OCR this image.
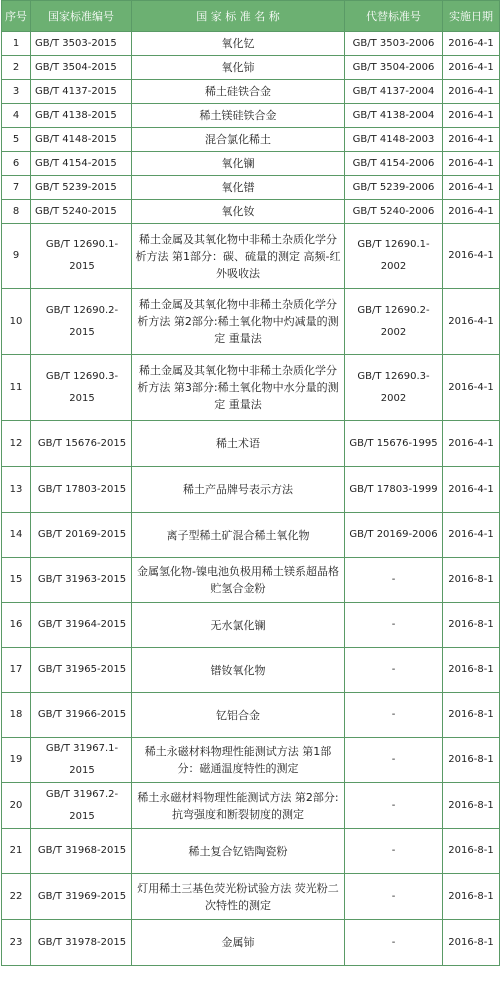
序号	国家标准编号	国 家 标 准 名 称	代替标准号	实施日期
1	GB/T 3503-2015	氧化钇	GB/T 3503-2006	2016-4-1
2	GB/T 3504-2015	氧化铈	GB/T 3504-2006	2016-4-1
3	GB/T 4137-2015	稀土硅铁合金	GB/T 4137-2004	2016-4-1
4	GB/T 4138-2015	稀土镁硅铁合金	GB/T 4138-2004	2016-4-1
5	GB/T 4148-2015	混合氯化稀土	GB/T 4148-2003	2016-4-1
6	GB/T 4154-2015	氧化镧	GB/T 4154-2006	2016-4-1
7	GB/T 5239-2015	氧化镨	GB/T 5239-2006	2016-4-1
8	GB/T 5240-2015	氧化钕	GB/T 5240-2006	2016-4-1
9	GB/T 12690.1-2015	稀土金属及其氧化物中非稀土杂质化学分析方法 第1部分：碳、硫量的测定 高频-红外吸收法	GB/T 12690.1-2002	2016-4-1
10	GB/T 12690.2-2015	稀土金属及其氧化物中非稀土杂质化学分析方法 第2部分:稀土氧化物中灼减量的测定 重量法	GB/T 12690.2-2002	2016-4-1
11	GB/T 12690.3-2015	稀土金属及其氧化物中非稀土杂质化学分析方法 第3部分:稀土氧化物中水分量的测定 重量法	GB/T 12690.3-2002	2016-4-1
12	GB/T 15676-2015	稀土术语	GB/T 15676-1995	2016-4-1
13	GB/T 17803-2015	稀土产品牌号表示方法	GB/T 17803-1999	2016-4-1
14	GB/T 20169-2015	离子型稀土矿混合稀土氧化物	GB/T 20169-2006	2016-4-1
15	GB/T 31963-2015	金属氢化物-镍电池负极用稀土镁系超晶格贮氢合金粉	-	2016-8-1
16	GB/T 31964-2015	无水氯化镧	-	2016-8-1
17	GB/T 31965-2015	镨钕氧化物	-	2016-8-1
18	GB/T 31966-2015	钇铝合金	-	2016-8-1
19	GB/T 31967.1-2015	稀土永磁材料物理性能测试方法 第1部分：磁通温度特性的测定	-	2016-8-1
20	GB/T 31967.2-2015	稀土永磁材料物理性能测试方法 第2部分:抗弯强度和断裂韧度的测定	-	2016-8-1
21	GB/T 31968-2015	稀土复合钇锆陶瓷粉	-	2016-8-1
22	GB/T 31969-2015	灯用稀土三基色荧光粉试验方法 荧光粉二次特性的测定	-	2016-8-1
23	GB/T 31978-2015	金属铈	-	2016-8-1
